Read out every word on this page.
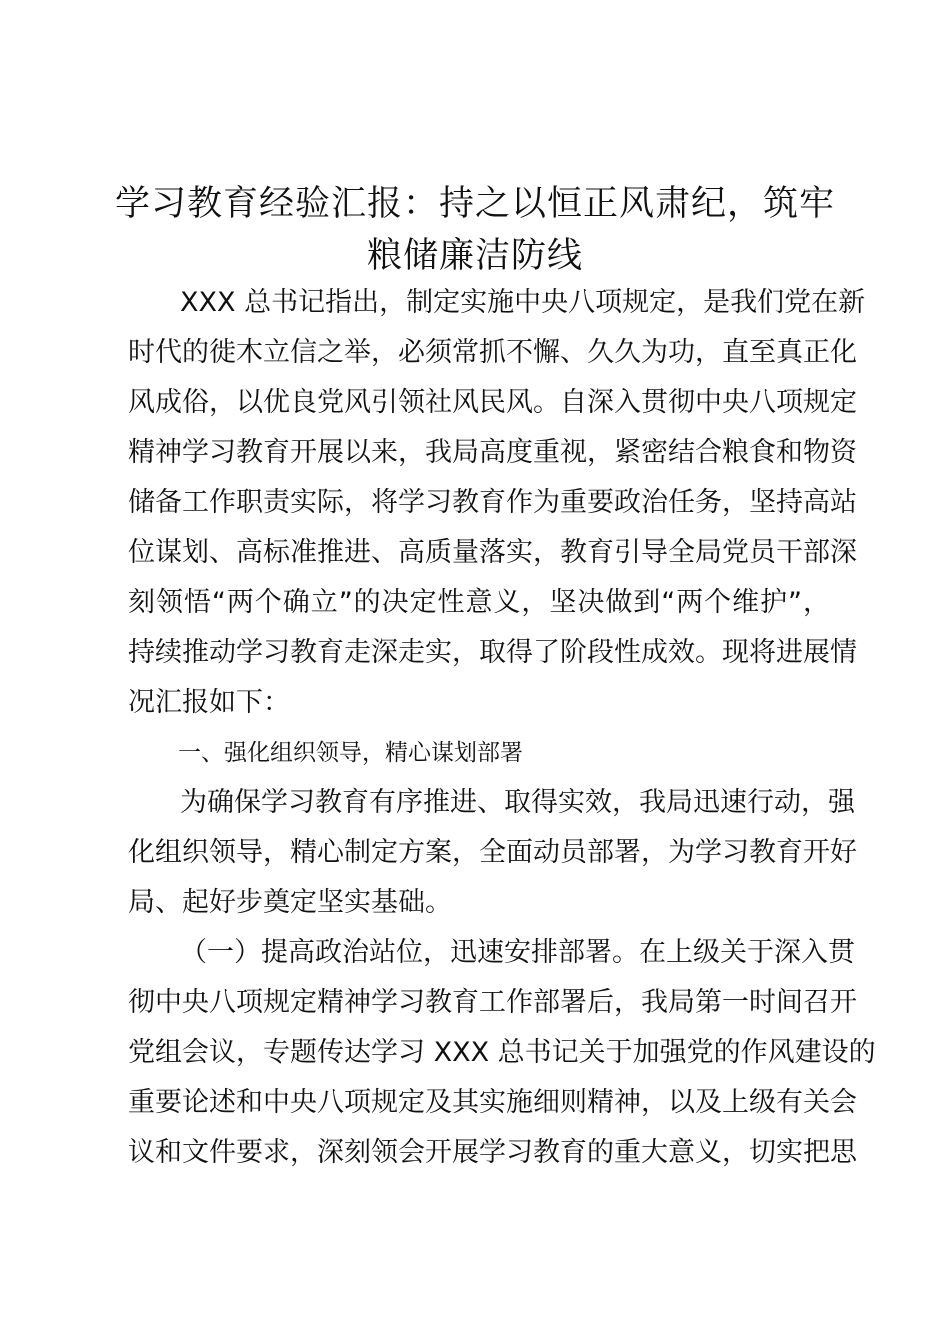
学习教育经验汇报：持之以恒正风肃纪，筑牢
粮储廉洁防线
XXX 总书记指出，制定实施中央八项规定，是我们党在新
时代的徙木立信之举，必须常抓不懈、久久为功，直至真正化
风成俗，以优良党风引领社风民风。自深入贯彻中央八项规定
精神学习教育开展以来，我局高度重视，紧密结合粮食和物资
储备工作职责实际，将学习教育作为重要政治任务，坚持高站
位谋划、高标准推进、高质量落实，教育引导全局党员干部深
刻领悟“两个确立”的决定性意义，坚决做到“两个维护”，
持续推动学习教育走深走实，取得了阶段性成效。现将进展情
况汇报如下：
一、强化组织领导，精心谋划部署
为确保学习教育有序推进、取得实效，我局迅速行动，强
化组织领导，精心制定方案，全面动员部署，为学习教育开好
局、起好步奠定坚实基础。
（一）提高政治站位，迅速安排部署。在上级关于深入贯
彻中央八项规定精神学习教育工作部署后，我局第一时间召开
党组会议，专题传达学习 XXX 总书记关于加强党的作风建设的
重要论述和中央八项规定及其实施细则精神，以及上级有关会
议和文件要求，深刻领会开展学习教育的重大意义，切实把思
